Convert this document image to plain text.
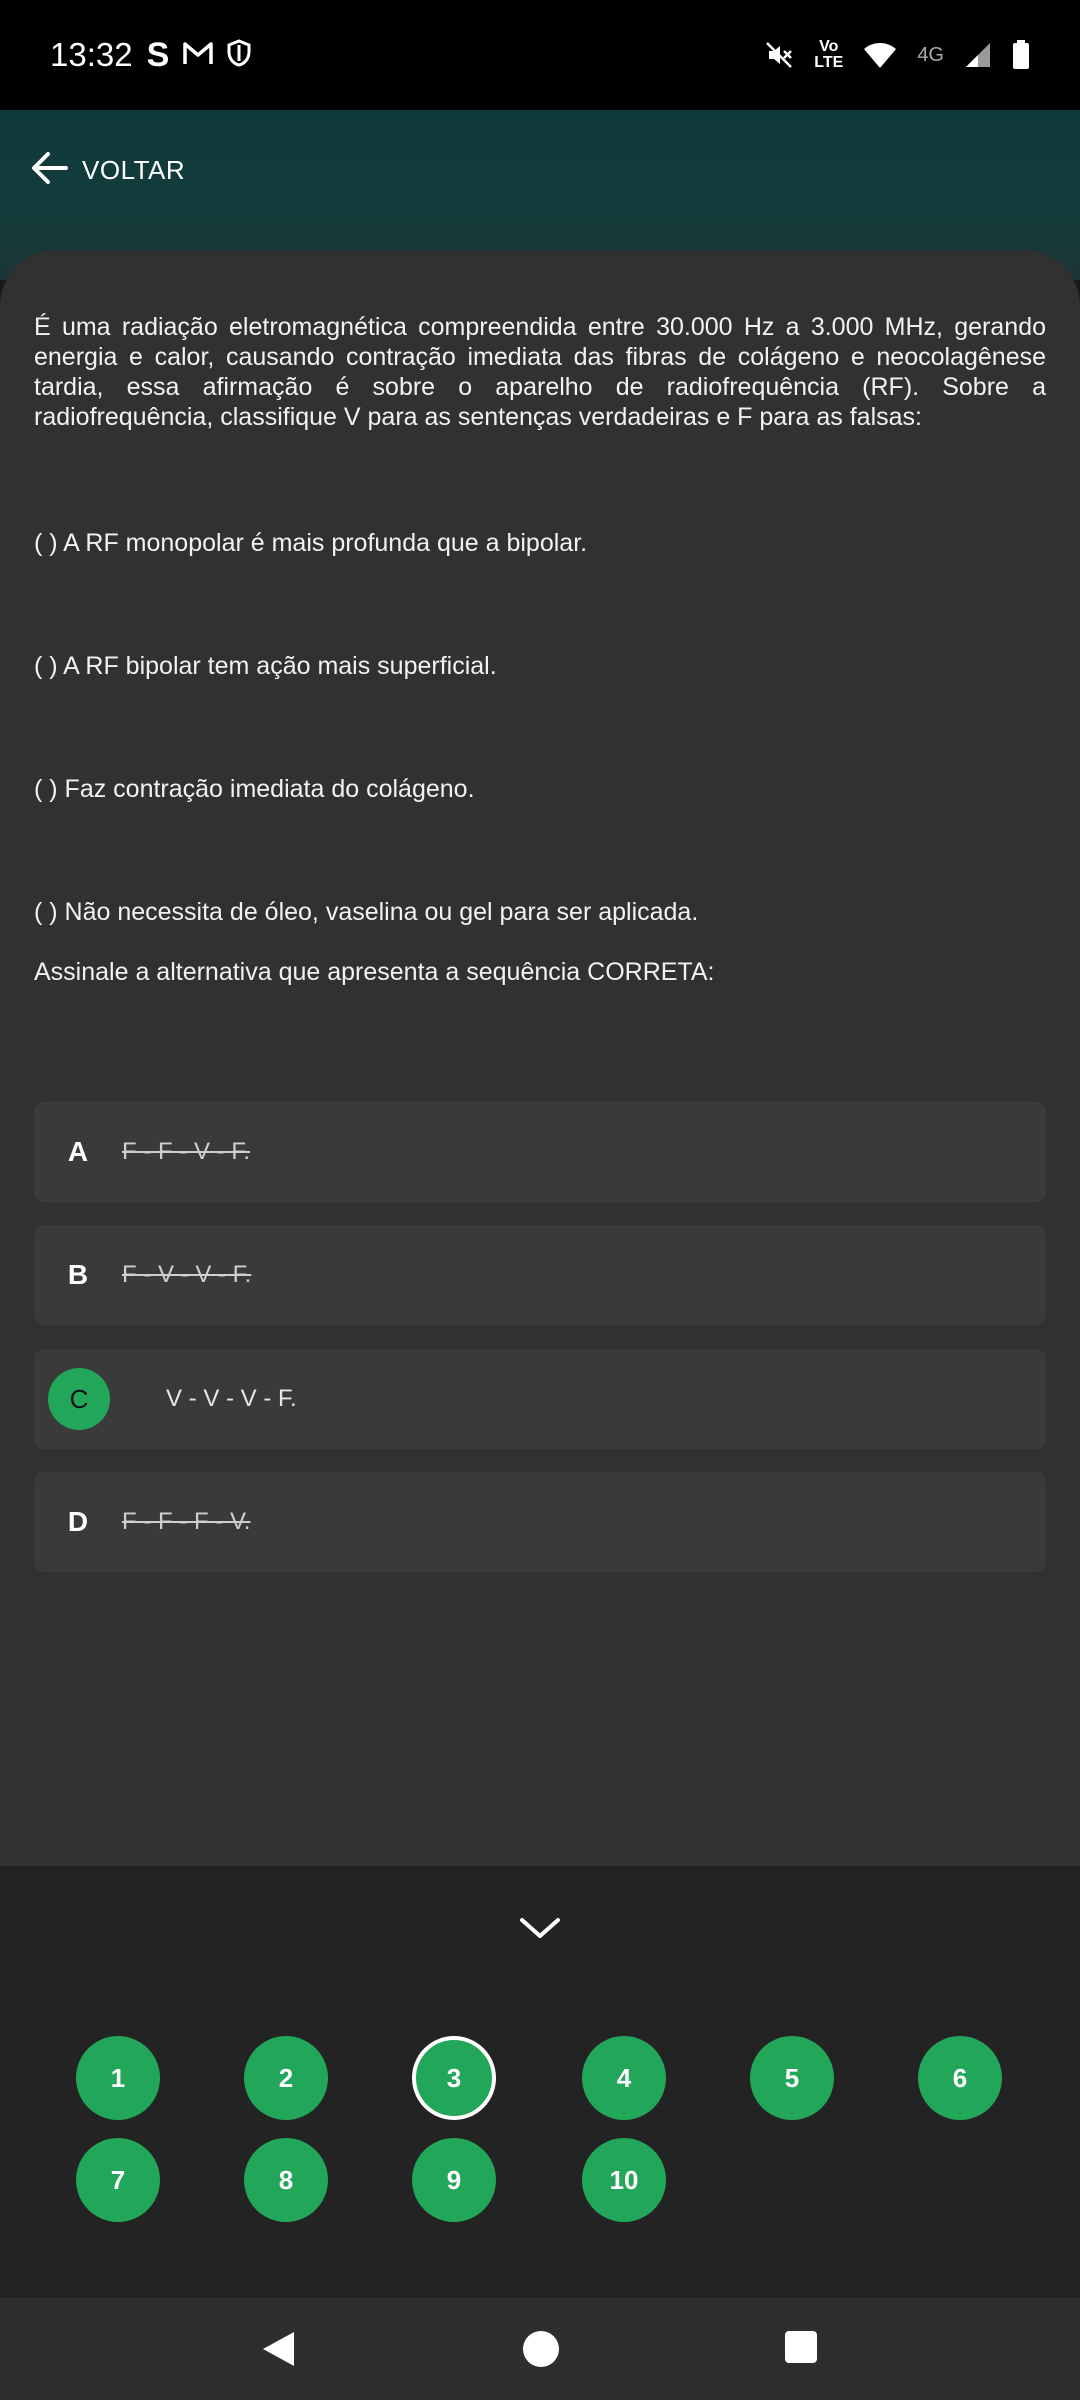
13:32 S	Vo
LTE	4G
VOLTAR
É uma radiação eletromagnética compreendida entre 30.000 Hz a 3.000 MHz, gerando energia e calor, causando contração imediata das fibras de colágeno e neocolagênese tardia, essa afirmação é sobre o aparelho de radiofrequência (RF). Sobre a radiofrequência, classifique V para as sentenças verdadeiras e F para as falsas:
( ) A RF monopolar é mais profunda que a bipolar.
( ) A RF bipolar tem ação mais superficial.
( ) Faz contração imediata do colágeno.
( ) Não necessita de óleo, vaselina ou gel para ser aplicada.
Assinale a alternativa que apresenta a sequência CORRETA:
A	F - F - V - F.
B	F - V - V - F.
C	V - V - V - F.
D	F - F - F - V.
1	2	3	4	5	6
7	8	9	10
